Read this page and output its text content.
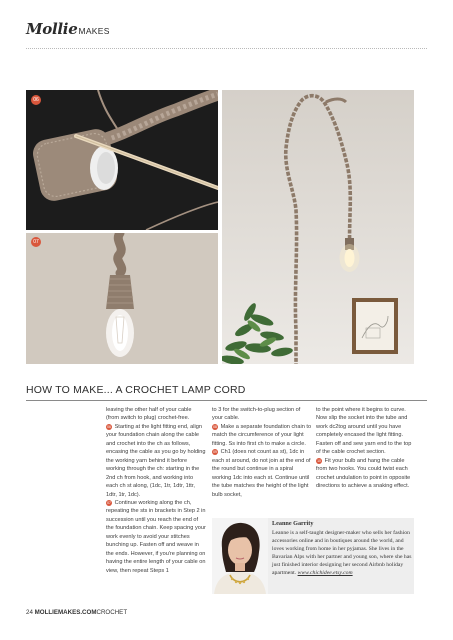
Mollie MAKES
06
07
HOW TO MAKE... A CROCHET LAMP CORD

leaving the other half of your cable (from switch to plug) crochet-free.

06 Starting at the light fitting end, align your foundation chain along the cable and crochet into the ch as follows, encasing the cable as you go by holding the working yarn behind it before working through the ch: starting in the 2nd ch from hook, and working into each ch st along, (1dc, 1tr, 1dtr, 1ttr, 1dtr, 1tr, 1dc).

07 Continue working along the ch, repeating the sts in brackets in Step 2 in succession until you reach the end of the foundation chain. Keep spacing your work evenly to avoid your stitches bunching up. Fasten off and weave in the ends. However, if you're planning on having the entire length of your cable on view, then repeat Steps 1

to 3 for the switch-to-plug section of your cable.

08 Make a separate foundation chain to match the circumference of your light fitting. Ss into first ch to make a circle.

09 Ch1 (does not count as st), 1dc in each st around, do not join at the end of the round but continue in a spiral working 1dc into each st. Continue until the tube matches the height of the light bulb socket,

to the point where it begins to curve. Now slip the socket into the tube and work dc2tog around until you have completely encased the light fitting. Fasten off and sew yarn end to the top of the cable crochet section.

10 Fit your bulb and hang the cable from two hooks. You could twist each crochet undulation to point in opposite directions to achieve a snaking effect.

Leanne Garrity
Leanne is a self-taught designer-maker who sells her fashion accessories online and in boutiques around the world, and loves working from home in her pyjamas. She lives in the Bavarian Alps with her partner and young son, where she has just finished interior designing her second Airbnb holiday apartment. www.chichidee.etsy.com
24 MOLLIEMAKES.COMCROCHET
